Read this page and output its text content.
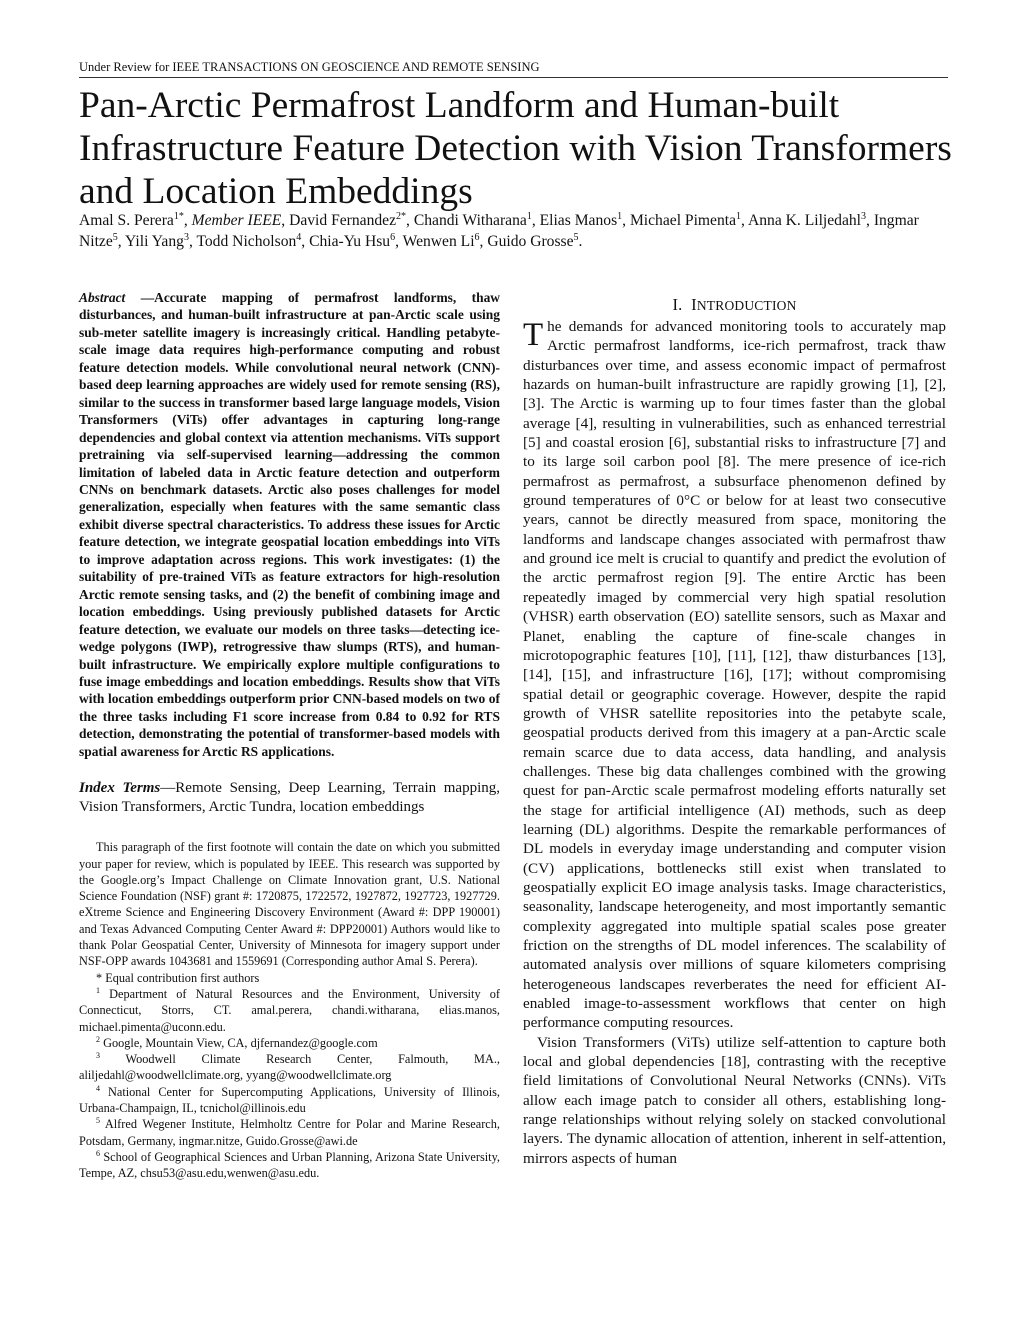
Under Review for IEEE TRANSACTIONS ON GEOSCIENCE AND REMOTE SENSING
Pan-Arctic Permafrost Landform and Human-built Infrastructure Feature Detection with Vision Transformers and Location Embeddings
Amal S. Perera$^{1*}$, Member IEEE, David Fernandez$^{2*}$, Chandi Witharana$^1$, Elias Manos$^1$, Michael Pimenta$^1$, Anna K. Liljedahl$^3$, Ingmar Nitze$^5$, Yili Yang$^3$, Todd Nicholson$^4$, Chia-Yu Hsu$^6$, Wenwen Li$^6$, Guido Grosse$^5$.

Abstract —Accurate mapping of permafrost landforms, thaw disturbances, and human-built infrastructure at pan-Arctic scale using sub-meter satellite imagery is increasingly critical. Handling petabyte-scale image data requires high-performance computing and robust feature detection models. While convolutional neural network (CNN)-based deep learning approaches are widely used for remote sensing (RS), similar to the success in transformer based large language models, Vision Transformers (ViTs) offer advantages in capturing long-range dependencies and global context via attention mechanisms. ViTs support pretraining via self-supervised learning—addressing the common limitation of labeled data in Arctic feature detection and outperform CNNs on benchmark datasets. Arctic also poses challenges for model generalization, especially when features with the same semantic class exhibit diverse spectral characteristics. To address these issues for Arctic feature detection, we integrate geospatial location embeddings into ViTs to improve adaptation across regions. This work investigates: (1) the suitability of pre-trained ViTs as feature extractors for high-resolution Arctic remote sensing tasks, and (2) the benefit of combining image and location embeddings. Using previously published datasets for Arctic feature detection, we evaluate our models on three tasks—detecting ice-wedge polygons (IWP), retrogressive thaw slumps (RTS), and human-built infrastructure. We empirically explore multiple configurations to fuse image embeddings and location embeddings. Results show that ViTs with location embeddings outperform prior CNN-based models on two of the three tasks including F1 score increase from 0.84 to 0.92 for RTS detection, demonstrating the potential of transformer-based models with spatial awareness for Arctic RS applications.

Index Terms—Remote Sensing, Deep Learning, Terrain mapping, Vision Transformers, Arctic Tundra, location embeddings

This paragraph of the first footnote will contain the date on which you submitted your paper for review, which is populated by IEEE. This research was supported by the Google.org’s Impact Challenge on Climate Innovation grant, U.S. National Science Foundation (NSF) grant #: 1720875, 1722572, 1927872, 1927723, 1927729. eXtreme Science and Engineering Discovery Environment (Award #: DPP 190001) and Texas Advanced Computing Center Award #: DPP20001) Authors would like to thank Polar Geospatial Center, University of Minnesota for imagery support under NSF-OPP awards 1043681 and 1559691 (Corresponding author Amal S. Perera).

* Equal contribution first authors

$^1$ Department of Natural Resources and the Environment, University of Connecticut, Storrs, CT. amal.perera, chandi.witharana, elias.manos, michael.pimenta@uconn.edu.

$^2$ Google, Mountain View, CA, djfernandez@google.com

$^3$ Woodwell Climate Research Center, Falmouth, MA., aliljedahl@woodwellclimate.org, yyang@woodwellclimate.org

$^4$ National Center for Supercomputing Applications, University of Illinois, Urbana-Champaign, IL, tcnichol@illinois.edu

$^5$ Alfred Wegener Institute, Helmholtz Centre for Polar and Marine Research, Potsdam, Germany, ingmar.nitze, Guido.Grosse@awi.de

$^6$ School of Geographical Sciences and Urban Planning, Arizona State University, Tempe, AZ, chsu53@asu.edu,wenwen@asu.edu.

I. INTRODUCTION

The demands for advanced monitoring tools to accurately map Arctic permafrost landforms, ice-rich permafrost, track thaw disturbances over time, and assess economic impact of permafrost hazards on human-built infrastructure are rapidly growing [1], [2], [3]. The Arctic is warming up to four times faster than the global average [4], resulting in vulnerabilities, such as enhanced terrestrial [5] and coastal erosion [6], substantial risks to infrastructure [7] and to its large soil carbon pool [8]. The mere presence of ice-rich permafrost as permafrost, a subsurface phenomenon defined by ground temperatures of 0°C or below for at least two consecutive years, cannot be directly measured from space, monitoring the landforms and landscape changes associated with permafrost thaw and ground ice melt is crucial to quantify and predict the evolution of the arctic permafrost region [9]. The entire Arctic has been repeatedly imaged by commercial very high spatial resolution (VHSR) earth observation (EO) satellite sensors, such as Maxar and Planet, enabling the capture of fine-scale changes in microtopographic features [10], [11], [12], thaw disturbances [13], [14], [15], and infrastructure [16], [17]; without compromising spatial detail or geographic coverage. However, despite the rapid growth of VHSR satellite repositories into the petabyte scale, geospatial products derived from this imagery at a pan-Arctic scale remain scarce due to data access, data handling, and analysis challenges. These big data challenges combined with the growing quest for pan-Arctic scale permafrost modeling efforts naturally set the stage for artificial intelligence (AI) methods, such as deep learning (DL) algorithms. Despite the remarkable performances of DL models in everyday image understanding and computer vision (CV) applications, bottlenecks still exist when translated to geospatially explicit EO image analysis tasks. Image characteristics, seasonality, landscape heterogeneity, and most importantly semantic complexity aggregated into multiple spatial scales pose greater friction on the strengths of DL model inferences. The scalability of automated analysis over millions of square kilometers comprising heterogeneous landscapes reverberates the need for efficient AI-enabled image-to-assessment workflows that center on high performance computing resources.

Vision Transformers (ViTs) utilize self-attention to capture both local and global dependencies [18], contrasting with the receptive field limitations of Convolutional Neural Networks (CNNs). ViTs allow each image patch to consider all others, establishing long-range relationships without relying solely on stacked convolutional layers. The dynamic allocation of attention, inherent in self-attention, mirrors aspects of human
